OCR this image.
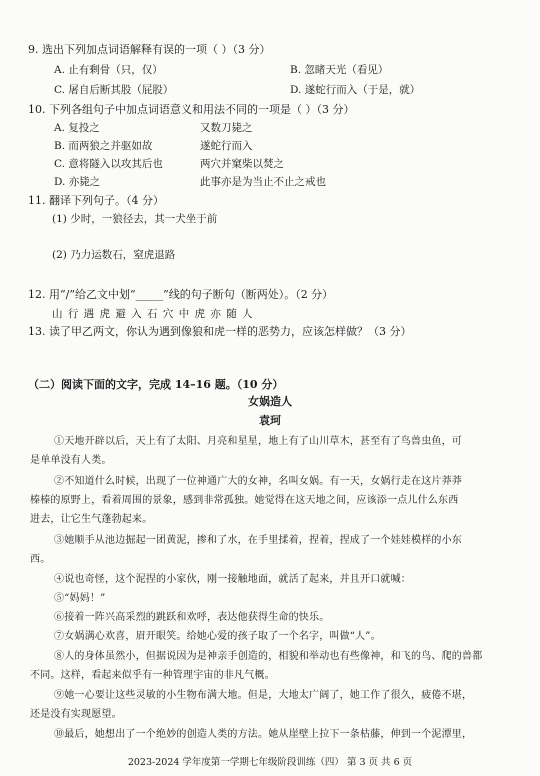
9. 选出下列加点词语解释有误的一项（ ）（3 分）
A. 止有剩骨（只，仅）	B. 忽睹天光（看见）
C. 屠自后断其股（屁股）	D. 遂蛇行而入（于是，就）
10. 下列各组句子中加点词语意义和用法不同的一项是（ ）（3 分）
A. 复投之	又数刀毙之
B. 而两狼之并驱如故	遂蛇行而入
C. 意将隧入以攻其后也	两穴并窠柴以焚之
D. 亦毙之	此事亦是为当止不止之戒也
11. 翻译下列句子。（4 分）
(1) 少时，一狼径去，其一犬坐于前
(2) 乃力运数石，窒虎退路
12. 用“/”给乙文中划“_____”线的句子断句（断两处）。（2 分）
山 行 遇 虎 避 入 石 穴 中 虎 亦 随 人
13. 读了甲乙两文，你认为遇到像狼和虎一样的恶势力，应该怎样做？（3 分）
（二）阅读下面的文字，完成 14–16 题。（10 分）
女娲造人
袁珂
①天地开辟以后，天上有了太阳、月亮和星星，地上有了山川草木，甚至有了鸟兽虫鱼，可
是单单没有人类。
②不知道什么时候，出现了一位神通广大的女神，名叫女娲。有一天，女娲行走在这片莽莽
榛榛的原野上，看着周围的景象，感到非常孤独。她觉得在这天地之间，应该添一点儿什么东西
进去，让它生气蓬勃起来。
③她顺手从池边掘起一团黄泥，掺和了水，在手里揉着，捏着，捏成了一个娃娃模样的小东
西。
④说也奇怪，这个泥捏的小家伙，刚一接触地面，就活了起来，并且开口就喊：
⑤“妈妈！”
⑥接着一阵兴高采烈的跳跃和欢呼，表达他获得生命的快乐。
⑦女娲满心欢喜，眉开眼笑。给她心爱的孩子取了一个名字，叫做“人”。
⑧人的身体虽然小，但据说因为是神亲手创造的，相貌和举动也有些像神，和飞的鸟、爬的兽都
不同。这样，看起来似乎有一种管理宇宙的非凡气概。
⑨她一心要让这些灵敏的小生物布满大地。但是，大地太广阔了，她工作了很久，疲倦不堪，
还是没有实现愿望。
⑩最后，她想出了一个绝妙的创造人类的方法。她从崖壁上拉下一条枯藤，伸到一个泥潭里，
2023-2024 学年度第一学期七年级阶段训练（四） 第 3 页 共 6 页
